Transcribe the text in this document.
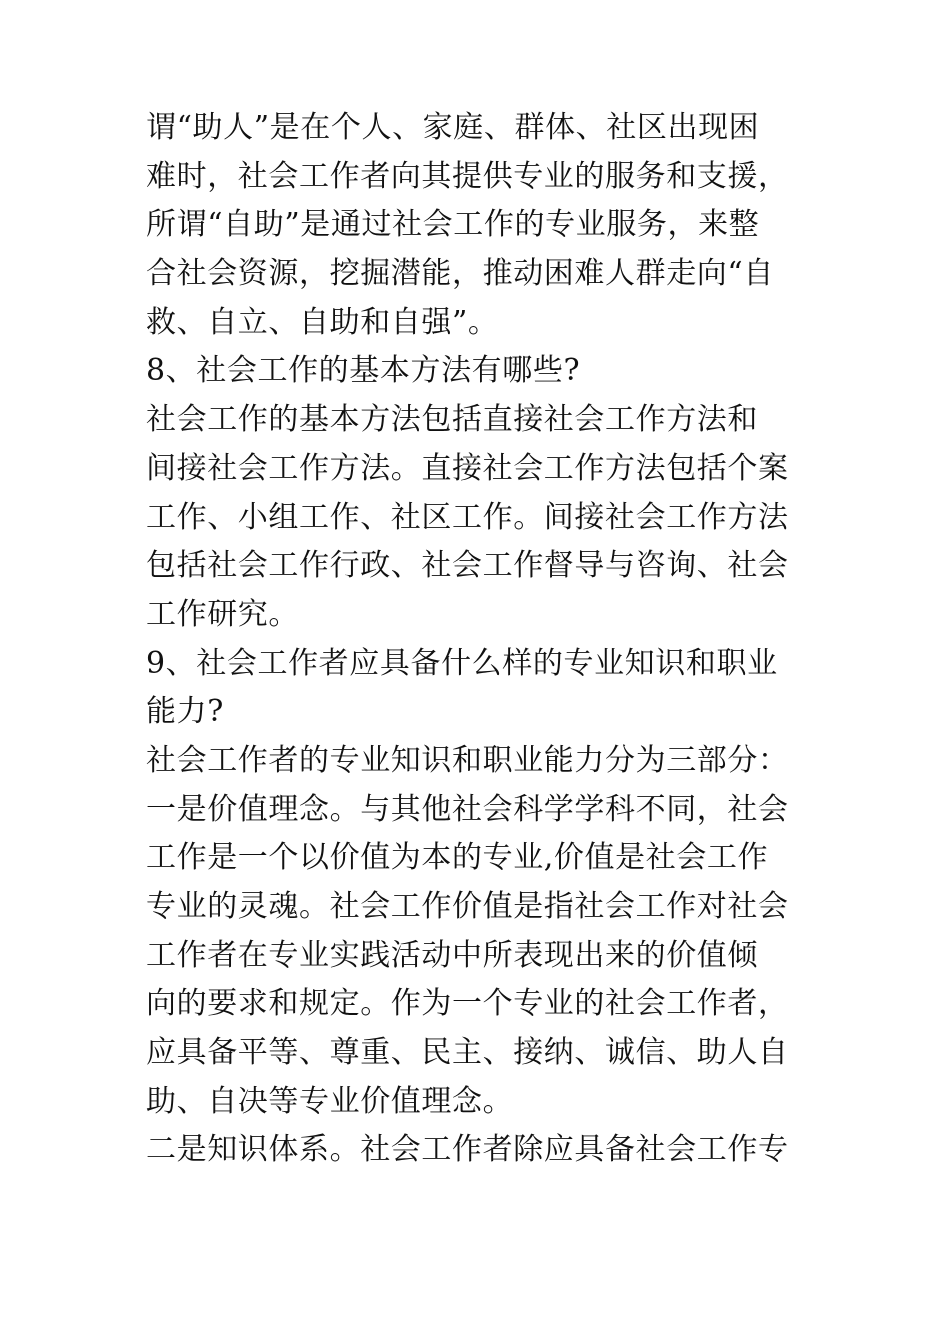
谓“助人”是在个人、家庭、群体、社区出现困
难时，社会工作者向其提供专业的服务和支援，
所谓“自助”是通过社会工作的专业服务，来整
合社会资源，挖掘潜能，推动困难人群走向“自
救、自立、自助和自强”。
8、社会工作的基本方法有哪些?
社会工作的基本方法包括直接社会工作方法和
间接社会工作方法。直接社会工作方法包括个案
工作、小组工作、社区工作。间接社会工作方法
包括社会工作行政、社会工作督导与咨询、社会
工作研究。
9、社会工作者应具备什么样的专业知识和职业
能力?
社会工作者的专业知识和职业能力分为三部分：
一是价值理念。与其他社会科学学科不同，社会
工作是一个以价值为本的专业,价值是社会工作
专业的灵魂。社会工作价值是指社会工作对社会
工作者在专业实践活动中所表现出来的价值倾
向的要求和规定。作为一个专业的社会工作者，
应具备平等、尊重、民主、接纳、诚信、助人自
助、自决等专业价值理念。
二是知识体系。社会工作者除应具备社会工作专
